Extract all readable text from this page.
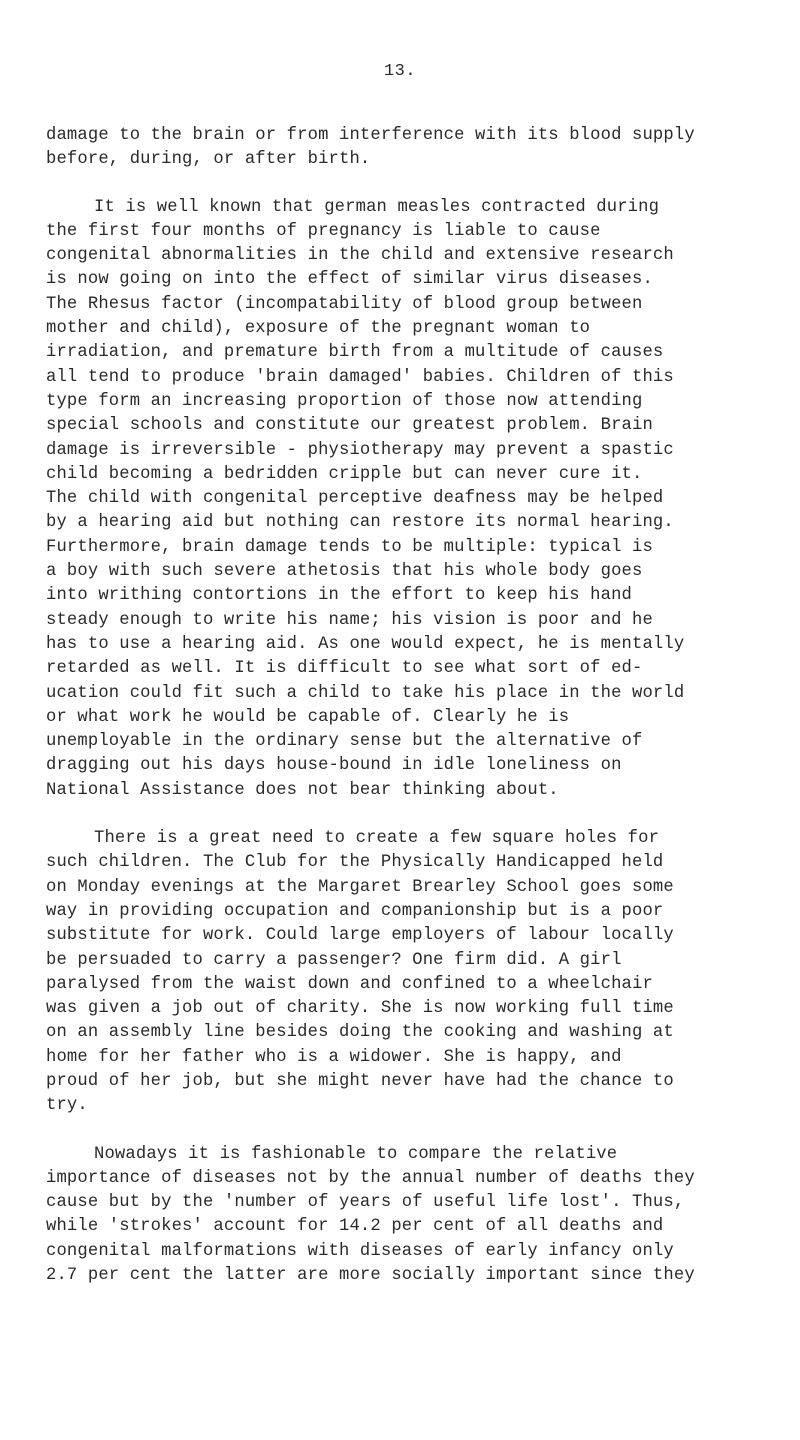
13.
damage to the brain or from interference with its blood supply
before, during, or after birth.
It is well known that german measles contracted during
the first four months of pregnancy is liable to cause
congenital abnormalities in the child and extensive research
is now going on into the effect of similar virus diseases.
The Rhesus factor (incompatability of blood group between
mother and child), exposure of the pregnant woman to
irradiation, and premature birth from a multitude of causes
all tend to produce 'brain damaged' babies. Children of this
type form an increasing proportion of those now attending
special schools and constitute our greatest problem. Brain
damage is irreversible - physiotherapy may prevent a spastic
child becoming a bedridden cripple but can never cure it.
The child with congenital perceptive deafness may be helped
by a hearing aid but nothing can restore its normal hearing.
Furthermore, brain damage tends to be multiple: typical is
a boy with such severe athetosis that his whole body goes
into writhing contortions in the effort to keep his hand
steady enough to write his name; his vision is poor and he
has to use a hearing aid. As one would expect, he is mentally
retarded as well. It is difficult to see what sort of ed-
ucation could fit such a child to take his place in the world
or what work he would be capable of. Clearly he is
unemployable in the ordinary sense but the alternative of
dragging out his days house-bound in idle loneliness on
National Assistance does not bear thinking about.
There is a great need to create a few square holes for
such children. The Club for the Physically Handicapped held
on Monday evenings at the Margaret Brearley School goes some
way in providing occupation and companionship but is a poor
substitute for work. Could large employers of labour locally
be persuaded to carry a passenger? One firm did. A girl
paralysed from the waist down and confined to a wheelchair
was given a job out of charity. She is now working full time
on an assembly line besides doing the cooking and washing at
home for her father who is a widower. She is happy, and
proud of her job, but she might never have had the chance to
try.
Nowadays it is fashionable to compare the relative
importance of diseases not by the annual number of deaths they
cause but by the 'number of years of useful life lost'. Thus,
while 'strokes' account for 14.2 per cent of all deaths and
congenital malformations with diseases of early infancy only
2.7 per cent the latter are more socially important since they
